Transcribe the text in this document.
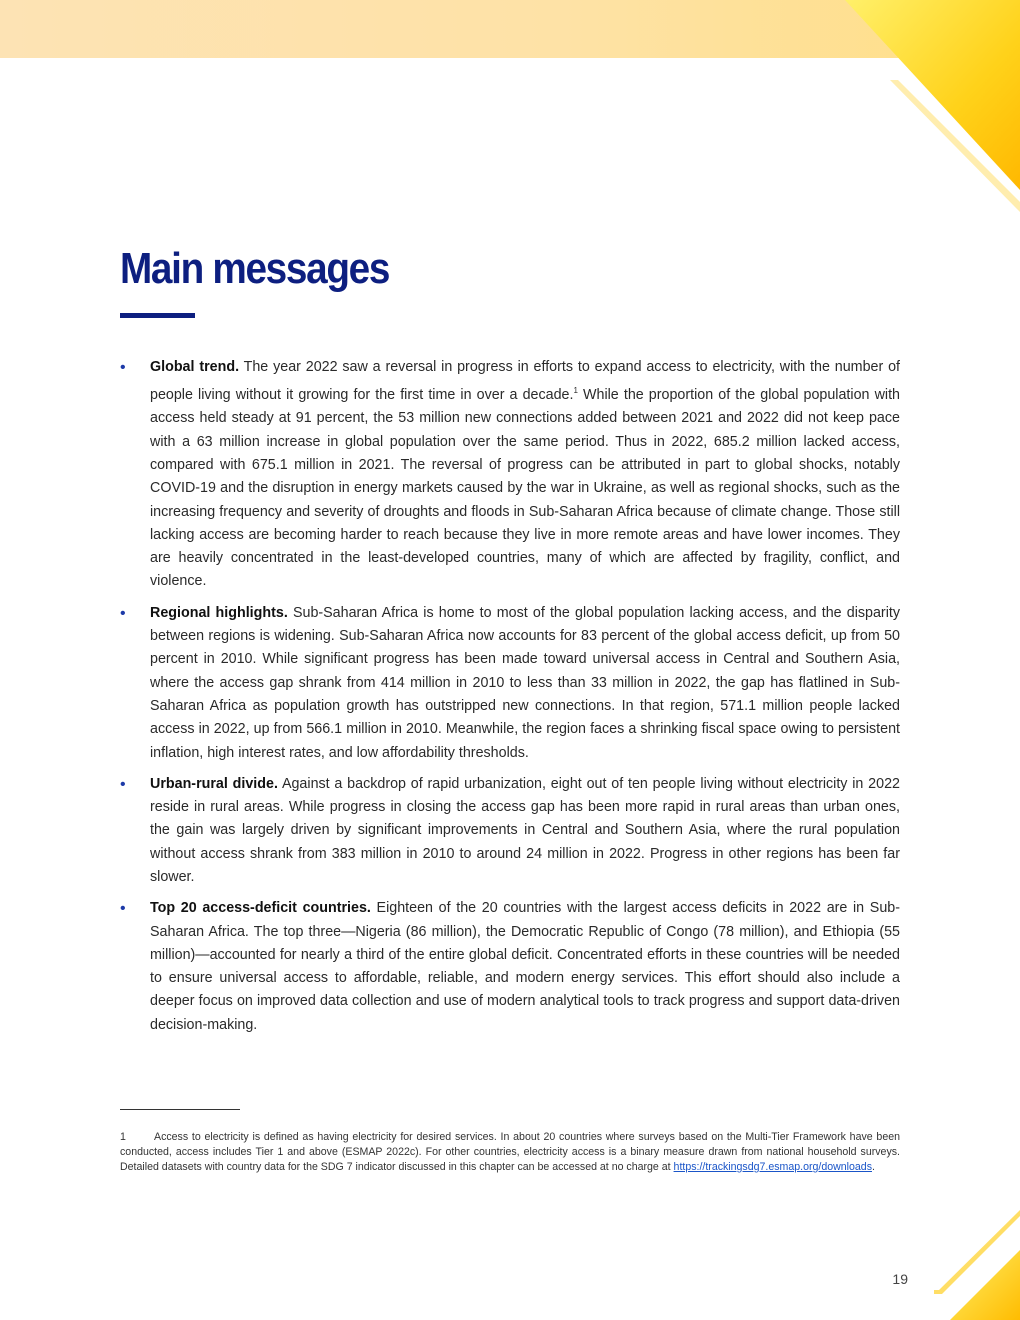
Main messages
• Global trend. The year 2022 saw a reversal in progress in efforts to expand access to electricity, with the number of people living without it growing for the first time in over a decade.$^1$ While the proportion of the global population with access held steady at 91 percent, the 53 million new connections added between 2021 and 2022 did not keep pace with a 63 million increase in global population over the same period. Thus in 2022, 685.2 million lacked access, compared with 675.1 million in 2021. The reversal of progress can be attributed in part to global shocks, notably COVID-19 and the disruption in energy markets caused by the war in Ukraine, as well as regional shocks, such as the increasing frequency and severity of droughts and floods in Sub-Saharan Africa because of climate change. Those still lacking access are becoming harder to reach because they live in more remote areas and have lower incomes. They are heavily concentrated in the least-developed countries, many of which are affected by fragility, conflict, and violence.
• Regional highlights. Sub-Saharan Africa is home to most of the global population lacking access, and the disparity between regions is widening. Sub-Saharan Africa now accounts for 83 percent of the global access deficit, up from 50 percent in 2010. While significant progress has been made toward universal access in Central and Southern Asia, where the access gap shrank from 414 million in 2010 to less than 33 million in 2022, the gap has flatlined in Sub-Saharan Africa as population growth has outstripped new connections. In that region, 571.1 million people lacked access in 2022, up from 566.1 million in 2010. Meanwhile, the region faces a shrinking fiscal space owing to persistent inflation, high interest rates, and low affordability thresholds.
• Urban-rural divide. Against a backdrop of rapid urbanization, eight out of ten people living without electricity in 2022 reside in rural areas. While progress in closing the access gap has been more rapid in rural areas than urban ones, the gain was largely driven by significant improvements in Central and Southern Asia, where the rural population without access shrank from 383 million in 2010 to around 24 million in 2022. Progress in other regions has been far slower.
• Top 20 access-deficit countries. Eighteen of the 20 countries with the largest access deficits in 2022 are in Sub-Saharan Africa. The top three—Nigeria (86 million), the Democratic Republic of Congo (78 million), and Ethiopia (55 million)—accounted for nearly a third of the entire global deficit. Concentrated efforts in these countries will be needed to ensure universal access to affordable, reliable, and modern energy services. This effort should also include a deeper focus on improved data collection and use of modern analytical tools to track progress and support data-driven decision-making.

1	Access to electricity is defined as having electricity for desired services. In about 20 countries where surveys based on the Multi-Tier Framework have been conducted, access includes Tier 1 and above (ESMAP 2022c). For other countries, electricity access is a binary measure drawn from national household surveys. Detailed datasets with country data for the SDG 7 indicator discussed in this chapter can be accessed at no charge at https://trackingsdg7.esmap.org/downloads.

19
